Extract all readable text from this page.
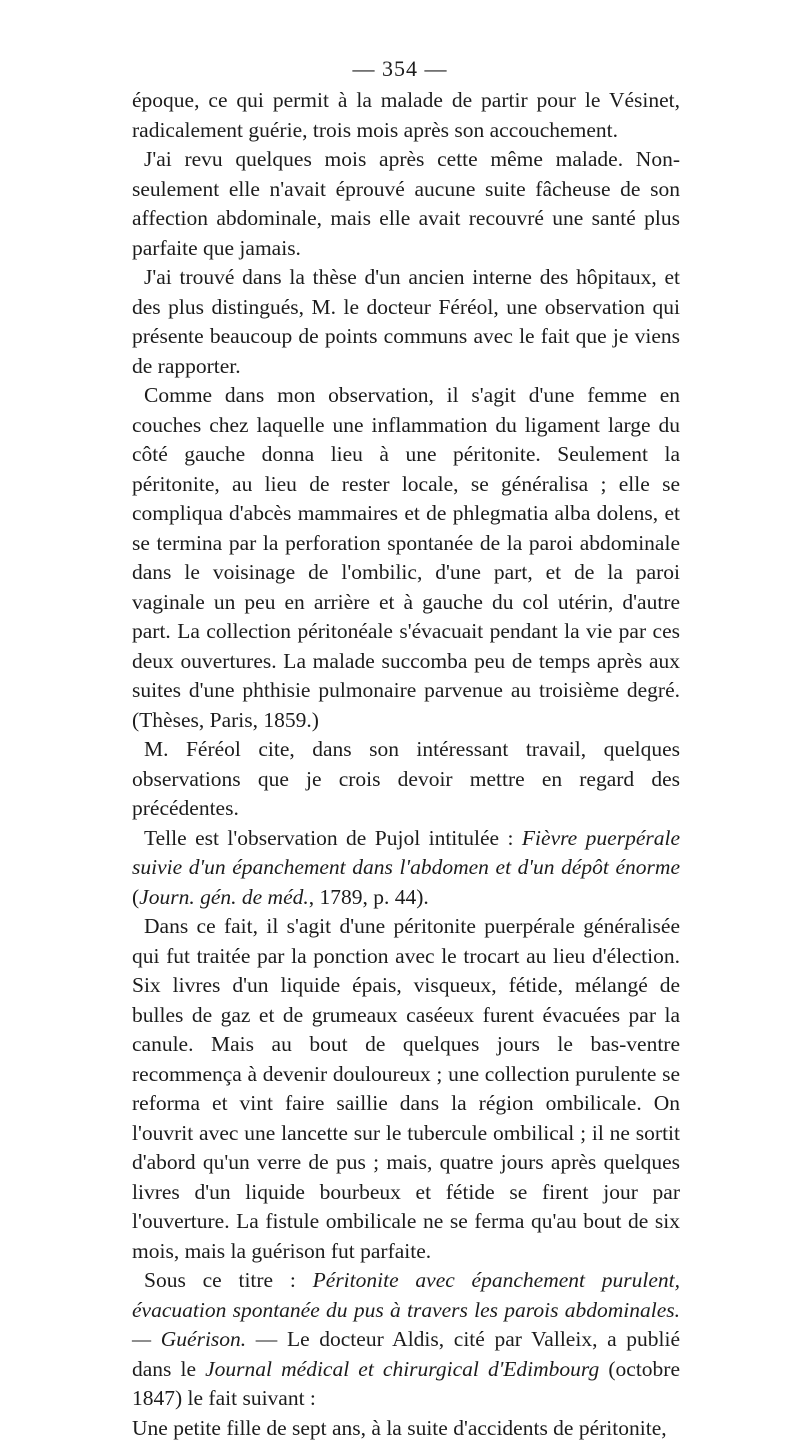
— 354 —

époque, ce qui permit à la malade de partir pour le Vésinet, radicalement guérie, trois mois après son accouchement.

J'ai revu quelques mois après cette même malade. Non-seulement elle n'avait éprouvé aucune suite fâcheuse de son affection abdominale, mais elle avait recouvré une santé plus parfaite que jamais.

J'ai trouvé dans la thèse d'un ancien interne des hôpitaux, et des plus distingués, M. le docteur Féréol, une observation qui présente beaucoup de points communs avec le fait que je viens de rapporter.

Comme dans mon observation, il s'agit d'une femme en couches chez laquelle une inflammation du ligament large du côté gauche donna lieu à une péritonite. Seulement la péritonite, au lieu de rester locale, se généralisa ; elle se compliqua d'abcès mammaires et de phlegmatia alba dolens, et se termina par la perforation spontanée de la paroi abdominale dans le voisinage de l'ombilic, d'une part, et de la paroi vaginale un peu en arrière et à gauche du col utérin, d'autre part. La collection péritonéale s'évacuait pendant la vie par ces deux ouvertures. La malade succomba peu de temps après aux suites d'une phthisie pulmonaire parvenue au troisième degré. (Thèses, Paris, 1859.)

M. Féréol cite, dans son intéressant travail, quelques observations que je crois devoir mettre en regard des précédentes.

Telle est l'observation de Pujol intitulée : Fièvre puerpérale suivie d'un épanchement dans l'abdomen et d'un dépôt énorme (Journ. gén. de méd., 1789, p. 44).

Dans ce fait, il s'agit d'une péritonite puerpérale généralisée qui fut traitée par la ponction avec le trocart au lieu d'élection. Six livres d'un liquide épais, visqueux, fétide, mélangé de bulles de gaz et de grumeaux caséeux furent évacuées par la canule. Mais au bout de quelques jours le bas-ventre recommença à devenir douloureux ; une collection purulente se reforma et vint faire saillie dans la région ombilicale. On l'ouvrit avec une lancette sur le tubercule ombilical ; il ne sortit d'abord qu'un verre de pus ; mais, quatre jours après quelques livres d'un liquide bourbeux et fétide se firent jour par l'ouverture. La fistule ombilicale ne se ferma qu'au bout de six mois, mais la guérison fut parfaite.

Sous ce titre : Péritonite avec épanchement purulent, évacuation spontanée du pus à travers les parois abdominales. — Guérison. — Le docteur Aldis, cité par Valleix, a publié dans le Journal médical et chirurgical d'Edimbourg (octobre 1847) le fait suivant :

Une petite fille de sept ans, à la suite d'accidents de péritonite,
